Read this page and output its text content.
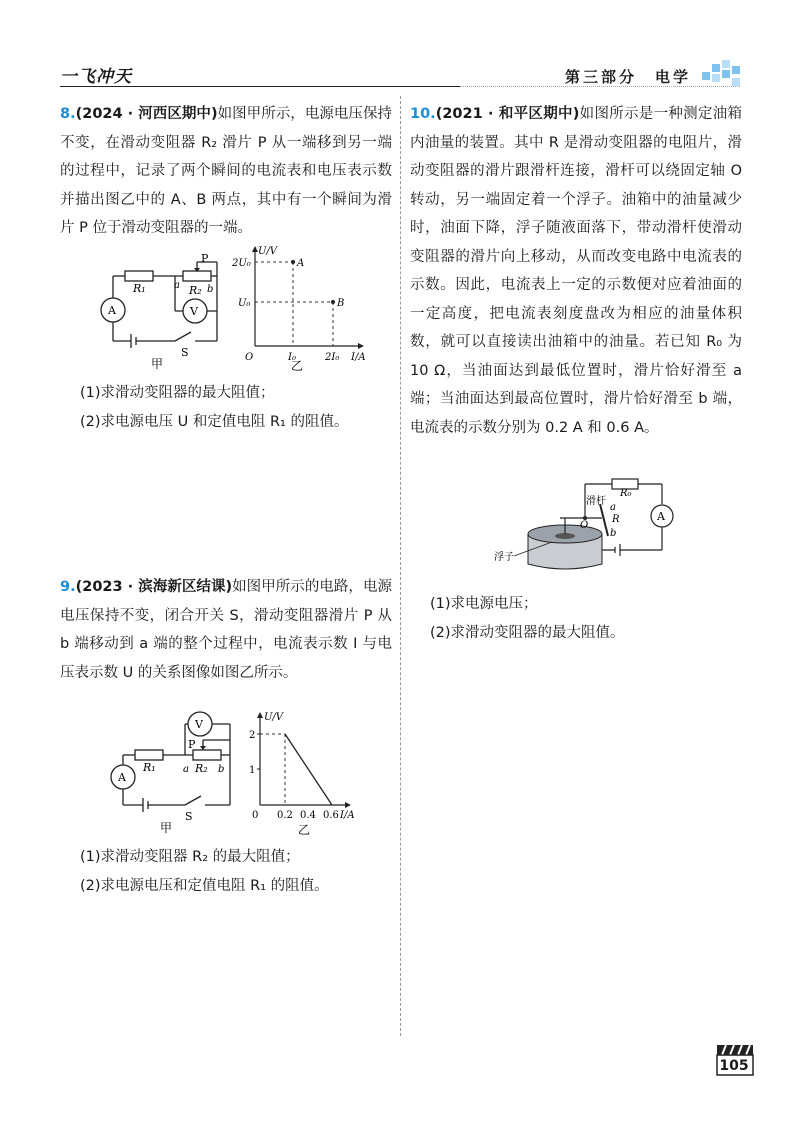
一飞冲天	第三部分　电学
8.(2024 · 河西区期中)如图甲所示，电源电压保持不变，在滑动变阻器 R₂ 滑片 P 从一端移到另一端的过程中，记录了两个瞬间的电流表和电压表示数并描出图乙中的 A、B 两点，其中有一个瞬间为滑片 P 位于滑动变阻器的一端。
R₁	R₂
P
a	b
A	V
S
甲
U/V
I/A
2U₀
U₀
O	I₀	2I₀
A
B
乙
(1)求滑动变阻器的最大阻值；
(2)求电源电压 U 和定值电阻 R₁ 的阻值。
9.(2023 · 滨海新区结课)如图甲所示的电路，电源电压保持不变，闭合开关 S，滑动变阻器滑片 P 从 b 端移动到 a 端的整个过程中，电流表示数 I 与电压表示数 U 的关系图像如图乙所示。
R₁	R₂
P
a	b
A
V
S
甲
U/V
I/A
2
1
0 0.2 0.4 0.6
乙
(1)求滑动变阻器 R₂ 的最大阻值；
(2)求电源电压和定值电阻 R₁ 的阻值。
10.(2021 · 和平区期中)如图所示是一种测定油箱内油量的装置。其中 R 是滑动变阻器的电阻片，滑动变阻器的滑片跟滑杆连接，滑杆可以绕固定轴 O 转动，另一端固定着一个浮子。油箱中的油量减少时，油面下降，浮子随液面落下，带动滑杆使滑动变阻器的滑片向上移动，从而改变电路中电流表的示数。因此，电流表上一定的示数便对应着油面的一定高度，把电流表刻度盘改为相应的油量体积数，就可以直接读出油箱中的油量。若已知 R₀ 为10 Ω，当油面达到最低位置时，滑片恰好滑至 a 端；当油面达到最高位置时，滑片恰好滑至 b 端，电流表的示数分别为 0.2 A 和 0.6 A。
R₀
滑杆
a
O
R
b
A
浮子
(1)求电源电压；
(2)求滑动变阻器的最大阻值。
105
